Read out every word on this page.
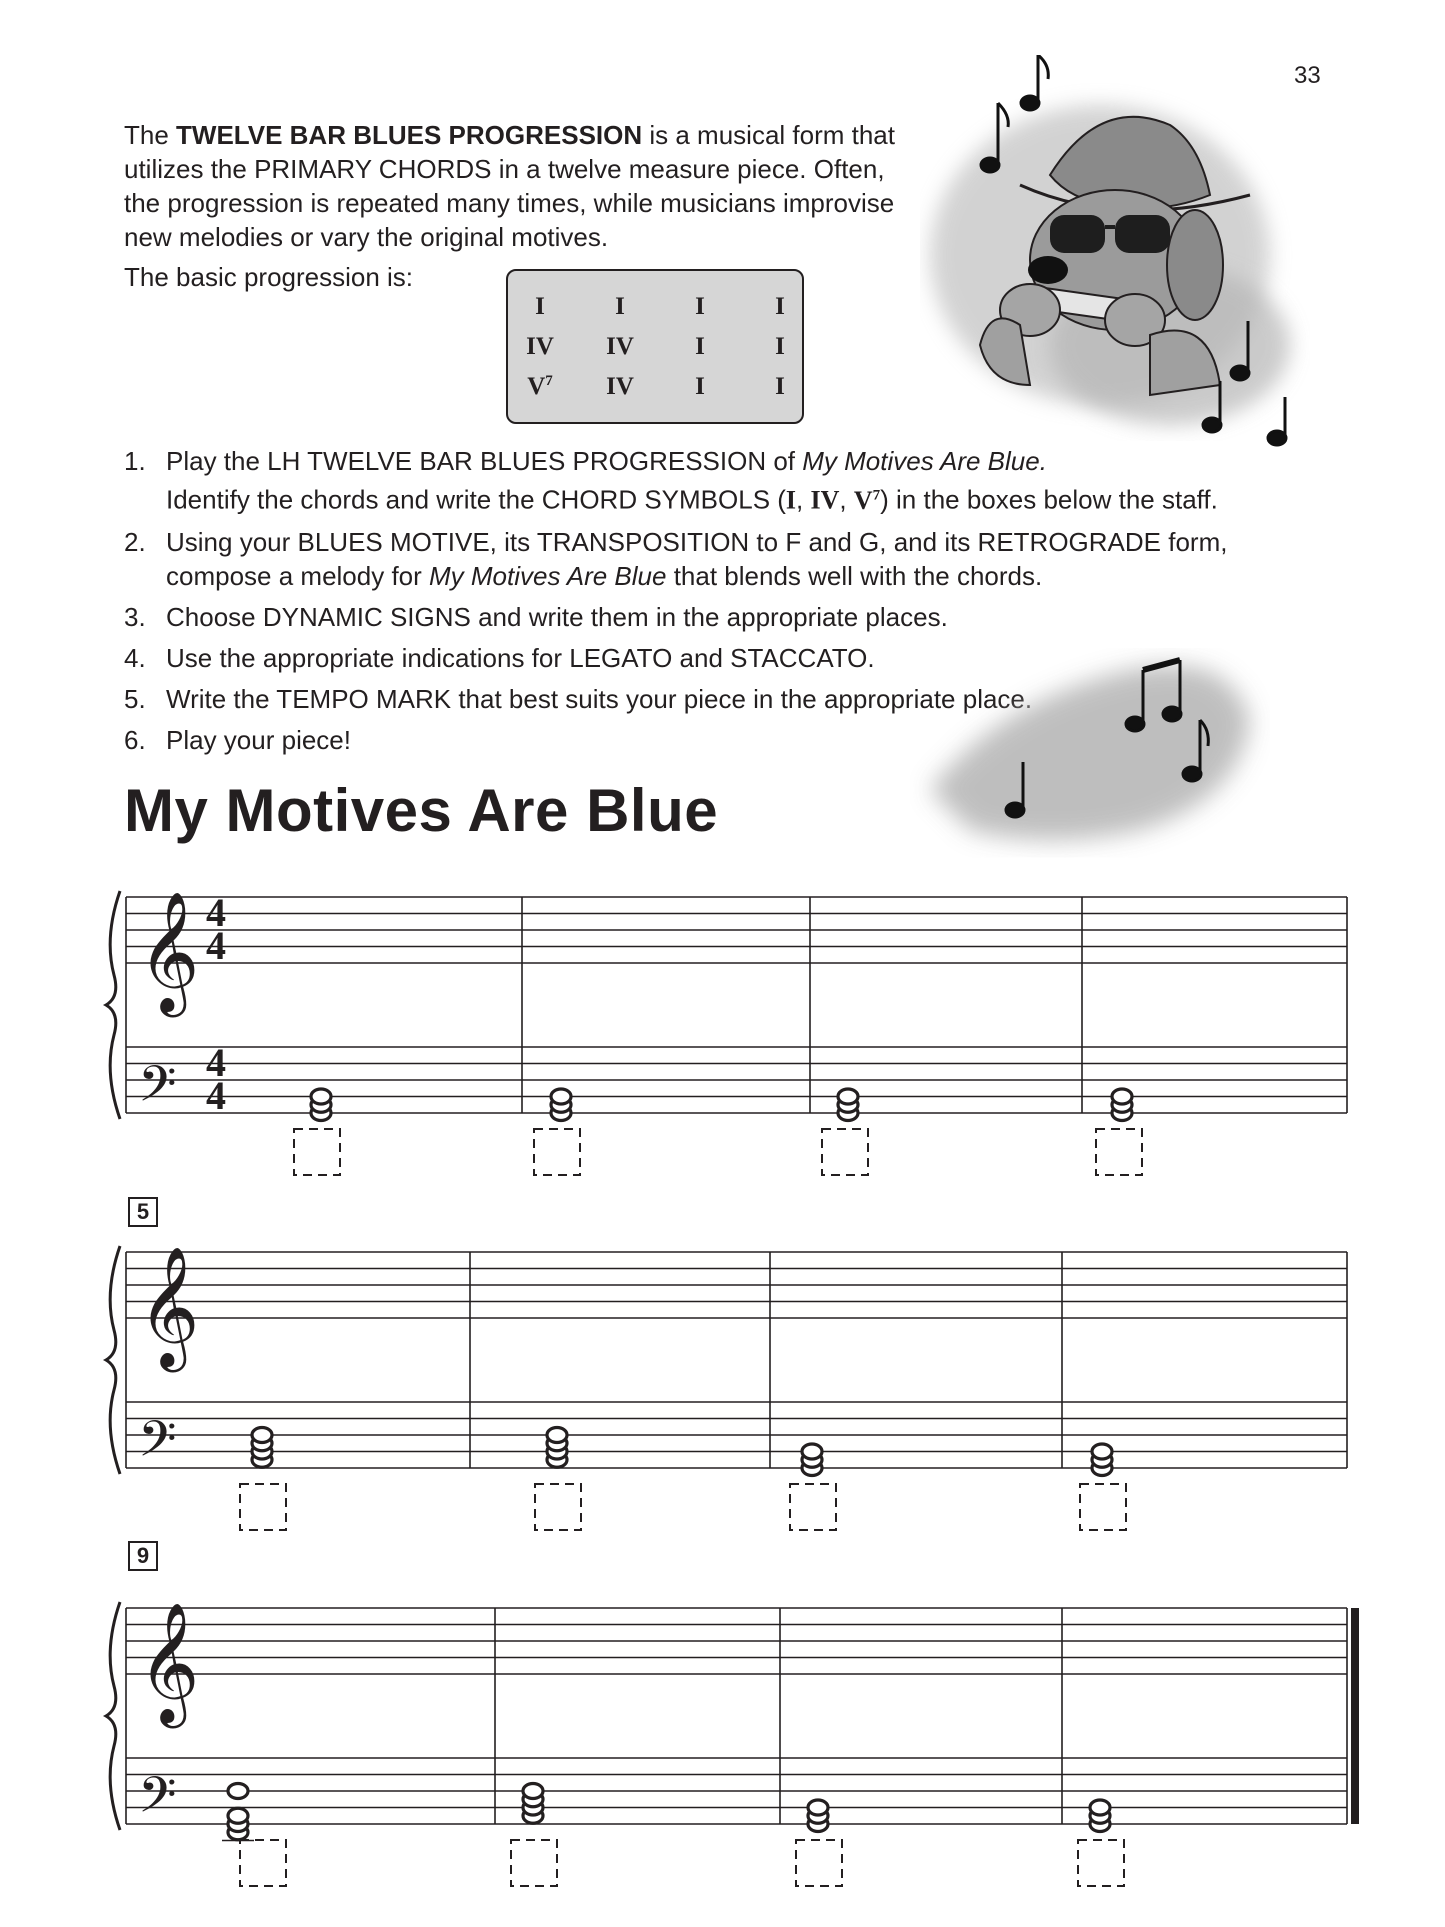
33

The TWELVE BAR BLUES PROGRESSION is a musical form that utilizes the PRIMARY CHORDS in a twelve measure piece. Often, the progression is repeated many times, while musicians improvise new melodies or vary the original motives.

The basic progression is:
I	I	I	I
IV	IV	I	I
$V^7$	IV	I	I
1. Play the LH TWELVE BAR BLUES PROGRESSION of My Motives Are Blue.
Identify the chords and write the CHORD SYMBOLS (I, IV, $V^7$) in the boxes below the staff.
2. Using your BLUES MOTIVE, its TRANSPOSITION to F and G, and its RETROGRADE form,
compose a melody for My Motives Are Blue that blends well with the chords.
3. Choose DYNAMIC SIGNS and write them in the appropriate places.
4. Use the appropriate indications for LEGATO and STACCATO.
5. Write the TEMPO MARK that best suits your piece in the appropriate place.
6. Play your piece!
My Motives Are Blue
5
9
𝄞
𝄢
4
4
4
4
𝄞
𝄢
𝄞
𝄢
